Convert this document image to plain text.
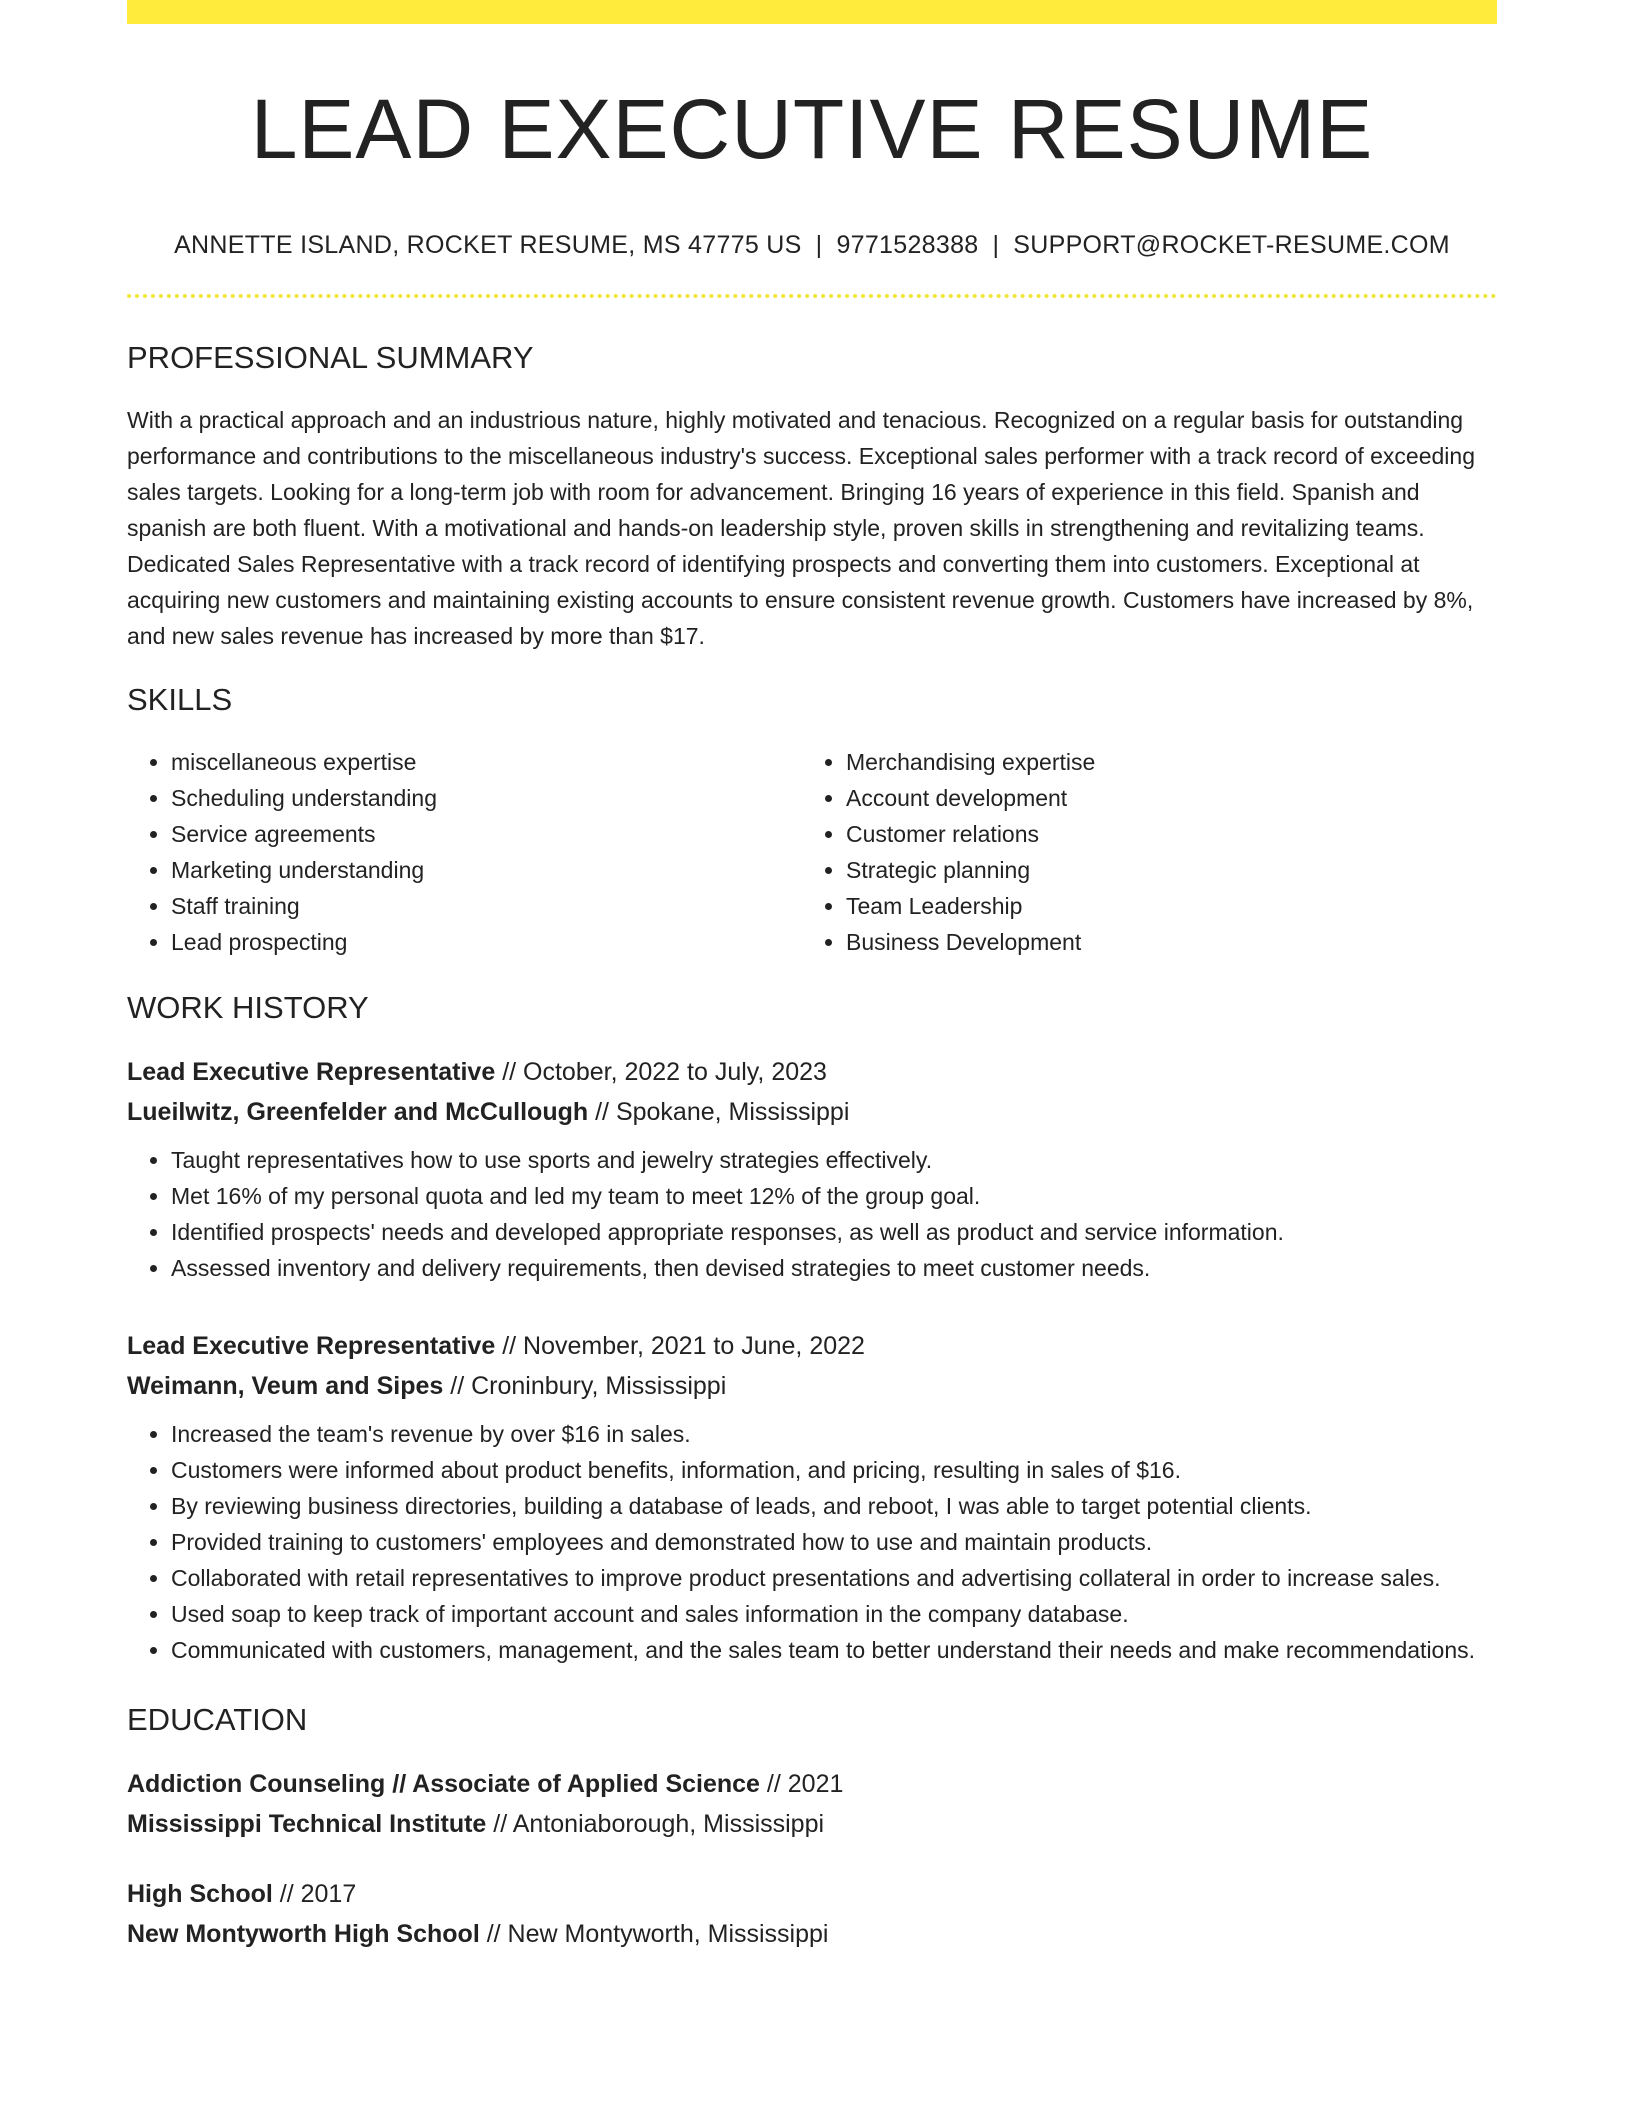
LEAD EXECUTIVE RESUME
ANNETTE ISLAND, ROCKET RESUME, MS 47775 US | 9771528388 | SUPPORT@ROCKET-RESUME.COM
PROFESSIONAL SUMMARY
With a practical approach and an industrious nature, highly motivated and tenacious. Recognized on a regular basis for outstanding performance and contributions to the miscellaneous industry's success. Exceptional sales performer with a track record of exceeding sales targets. Looking for a long-term job with room for advancement. Bringing 16 years of experience in this field. Spanish and spanish are both fluent. With a motivational and hands-on leadership style, proven skills in strengthening and revitalizing teams. Dedicated Sales Representative with a track record of identifying prospects and converting them into customers. Exceptional at acquiring new customers and maintaining existing accounts to ensure consistent revenue growth. Customers have increased by 8%, and new sales revenue has increased by more than $17.
SKILLS
• miscellaneous expertise
• Scheduling understanding
• Service agreements
• Marketing understanding
• Staff training
• Lead prospecting
• Merchandising expertise
• Account development
• Customer relations
• Strategic planning
• Team Leadership
• Business Development
WORK HISTORY
Lead Executive Representative // October, 2022 to July, 2023
Lueilwitz, Greenfelder and McCullough // Spokane, Mississippi
• Taught representatives how to use sports and jewelry strategies effectively.
• Met 16% of my personal quota and led my team to meet 12% of the group goal.
• Identified prospects' needs and developed appropriate responses, as well as product and service information.
• Assessed inventory and delivery requirements, then devised strategies to meet customer needs.
Lead Executive Representative // November, 2021 to June, 2022
Weimann, Veum and Sipes // Croninbury, Mississippi
• Increased the team's revenue by over $16 in sales.
• Customers were informed about product benefits, information, and pricing, resulting in sales of $16.
• By reviewing business directories, building a database of leads, and reboot, I was able to target potential clients.
• Provided training to customers' employees and demonstrated how to use and maintain products.
• Collaborated with retail representatives to improve product presentations and advertising collateral in order to increase sales.
• Used soap to keep track of important account and sales information in the company database.
• Communicated with customers, management, and the sales team to better understand their needs and make recommendations.
EDUCATION
Addiction Counseling // Associate of Applied Science // 2021
Mississippi Technical Institute // Antoniaborough, Mississippi
High School // 2017
New Montyworth High School // New Montyworth, Mississippi
